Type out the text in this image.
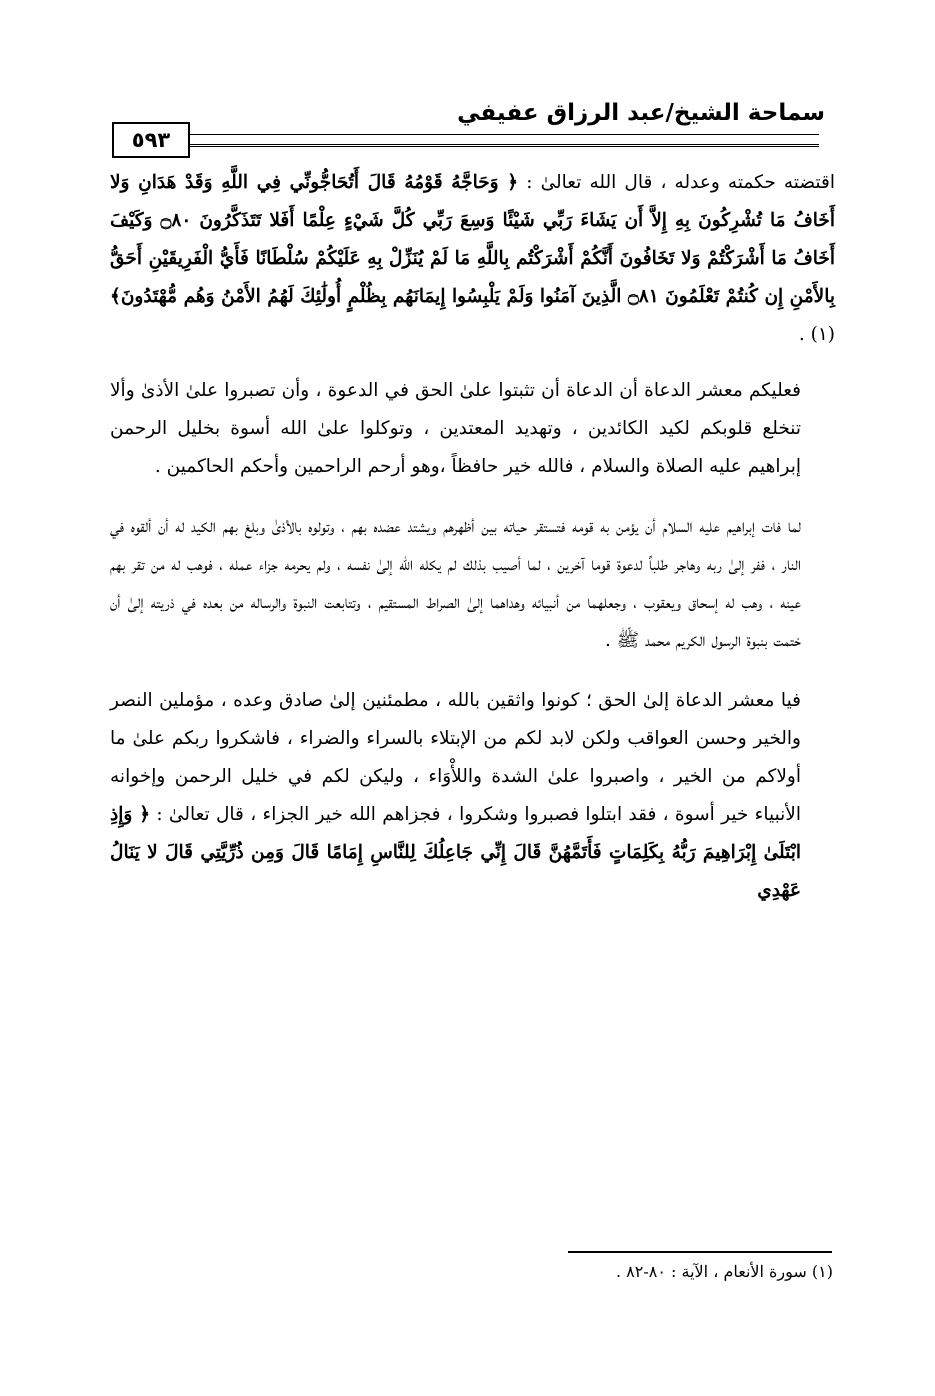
سماحة الشيخ/عبد الرزاق عفيفي
٥٩٣

اقتضته حكمته وعدله ، قال الله تعالىٰ : ﴿ وَحَاجَّهُ قَوْمُهُ قَالَ أَتُحَاجُّونِّي فِي اللَّهِ وَقَدْ هَدَانِ وَلا أَخَافُ مَا تُشْرِكُونَ بِهِ إِلاَّ أَن يَشَاءَ رَبِّي شَيْئًا وَسِعَ رَبِّي كُلَّ شَيْءٍ عِلْمًا أَفَلا تَتَذَكَّرُونَ ۝٨٠ وَكَيْفَ أَخَافُ مَا أَشْرَكْتُمْ وَلا تَخَافُونَ أَنَّكُمْ أَشْرَكْتُم بِاللَّهِ مَا لَمْ يُنَزِّلْ بِهِ عَلَيْكُمْ سُلْطَانًا فَأَيُّ الْفَرِيقَيْنِ أَحَقُّ بِالأَمْنِ إِن كُنتُمْ تَعْلَمُونَ ۝٨١ الَّذِينَ آمَنُوا وَلَمْ يَلْبِسُوا إِيمَانَهُم بِظُلْمٍ أُولَٰئِكَ لَهُمُ الأَمْنُ وَهُم مُّهْتَدُونَ﴾(١) .

فعليكم معشر الدعاة أن الدعاة أن تثبتوا علىٰ الحق في الدعوة ، وأن تصبروا علىٰ الأذىٰ وألا تنخلع قلوبكم لكيد الكائدين ، وتهديد المعتدين ، وتوكلوا علىٰ الله أسوة بخليل الرحمن إبراهيم عليه الصلاة والسلام ، فالله خير حافظاً ،وهو أرحم الراحمين وأحكم الحاكمين .

لما فات إبراهيم عليه السلام أن يؤمن به قومه فتستقر حياته بين أظهرهم ويشتد عضده بهم ، وتولوه بالأذىٰ وبلغ بهم الكيد له أن ألقوه في النار ، ففر إلىٰ ربه وهاجر طلباً لدعوة قوما آخرين ، لما أصيب بذلك لم يكله الله إلىٰ نفسه ، ولم يحرمه جزاء عمله ، فوهب له من تقر بهم عينه ، وهب له إسحاق ويعقوب ، وجعلهما من أنبيائه وهداهما إلىٰ الصراط المستقيم ، وتتابعت النبوة والرساله من بعده في ذريته إلىٰ أن ختمت بنبوة الرسول الكريم محمد ﷺ .

فيا معشر الدعاة إلىٰ الحق ؛ كونوا واثقين بالله ، مطمئنين إلىٰ صادق وعده ، مؤملين النصر والخير وحسن العواقب ولكن لابد لكم من الإبتلاء بالسراء والضراء ، فاشكروا ربكم علىٰ ما أولاكم من الخير ، واصبروا علىٰ الشدة واللأْوَاء ، وليكن لكم في خليل الرحمن وإخوانه الأنبياء خير أسوة ، فقد ابتلوا فصبروا وشكروا ، فجزاهم الله خير الجزاء ، قال تعالىٰ : ﴿ وَإِذِ ابْتَلَىٰ إِبْرَاهِيمَ رَبُّهُ بِكَلِمَاتٍ فَأَتَمَّهُنَّ قَالَ إِنِّي جَاعِلُكَ لِلنَّاسِ إِمَامًا قَالَ وَمِن ذُرِّيَّتِي قَالَ لا يَنَالُ عَهْدِي

(١) سورة الأنعام ، الآية : ٨٠-٨٢ .
